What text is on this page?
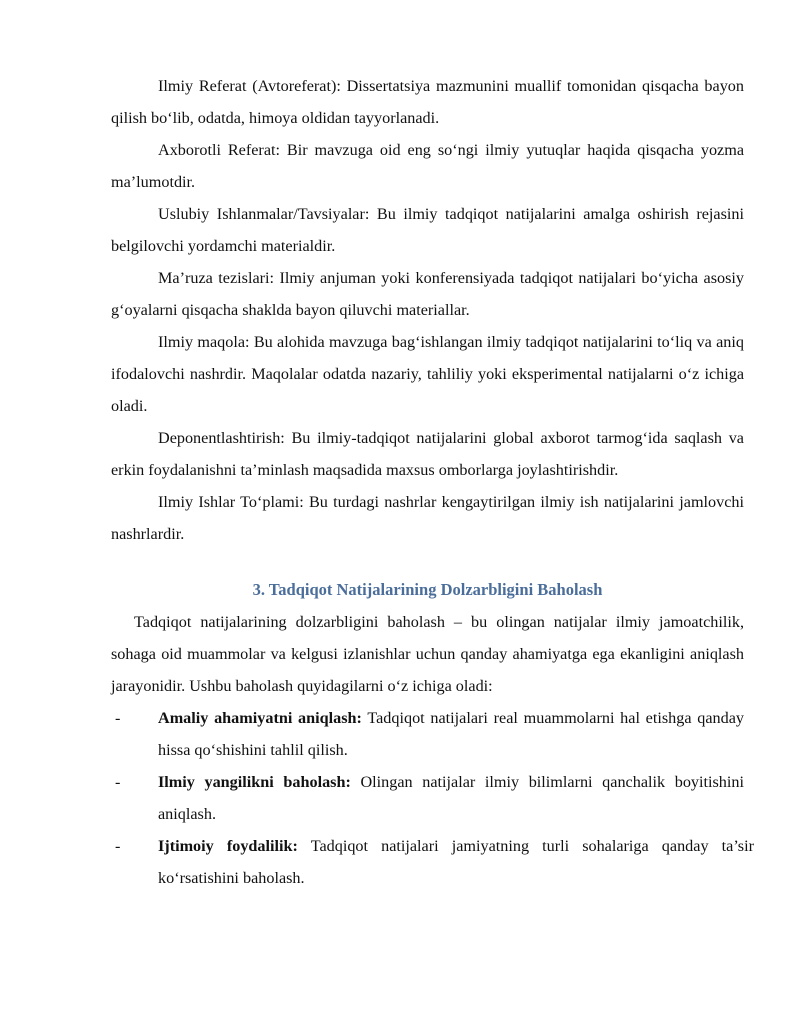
Ilmiy Referat (Avtoreferat): Dissertatsiya mazmunini muallif tomonidan qisqacha bayon qilish bo‘lib, odatda, himoya oldidan tayyorlanadi.

Axborotli Referat: Bir mavzuga oid eng so‘ngi ilmiy yutuqlar haqida qisqacha yozma ma’lumotdir.

Uslubiy Ishlanmalar/Tavsiyalar: Bu ilmiy tadqiqot natijalarini amalga oshirish rejasini belgilovchi yordamchi materialdir.

Ma’ruza tezislari: Ilmiy anjuman yoki konferensiyada tadqiqot natijalari bo‘yicha asosiy g‘oyalarni qisqacha shaklda bayon qiluvchi materiallar.

Ilmiy maqola: Bu alohida mavzuga bag‘ishlangan ilmiy tadqiqot natijalarini to‘liq va aniq ifodalovchi nashrdir. Maqolalar odatda nazariy, tahliliy yoki eksperimental natijalarni o‘z ichiga oladi.

Deponentlashtirish: Bu ilmiy-tadqiqot natijalarini global axborot tarmog‘ida saqlash va erkin foydalanishni ta’minlash maqsadida maxsus omborlarga joylashtirishdir.

Ilmiy Ishlar To‘plami: Bu turdagi nashrlar kengaytirilgan ilmiy ish natijalarini jamlovchi nashrlardir.

3. Tadqiqot Natijalarining Dolzarbligini Baholash

Tadqiqot natijalarining dolzarbligini baholash – bu olingan natijalar ilmiy jamoatchilik, sohaga oid muammolar va kelgusi izlanishlar uchun qanday ahamiyatga ega ekanligini aniqlash jarayonidir. Ushbu baholash quyidagilarni o‘z ichiga oladi:

- Amaliy ahamiyatni aniqlash: Tadqiqot natijalari real muammolarni hal etishga qanday hissa qo‘shishini tahlil qilish.
- Ilmiy yangilikni baholash: Olingan natijalar ilmiy bilimlarni qanchalik boyitishini aniqlash.
- Ijtimoiy foydalilik: Tadqiqot natijalari jamiyatning turli sohalariga qanday ta’sir ko‘rsatishini baholash.
